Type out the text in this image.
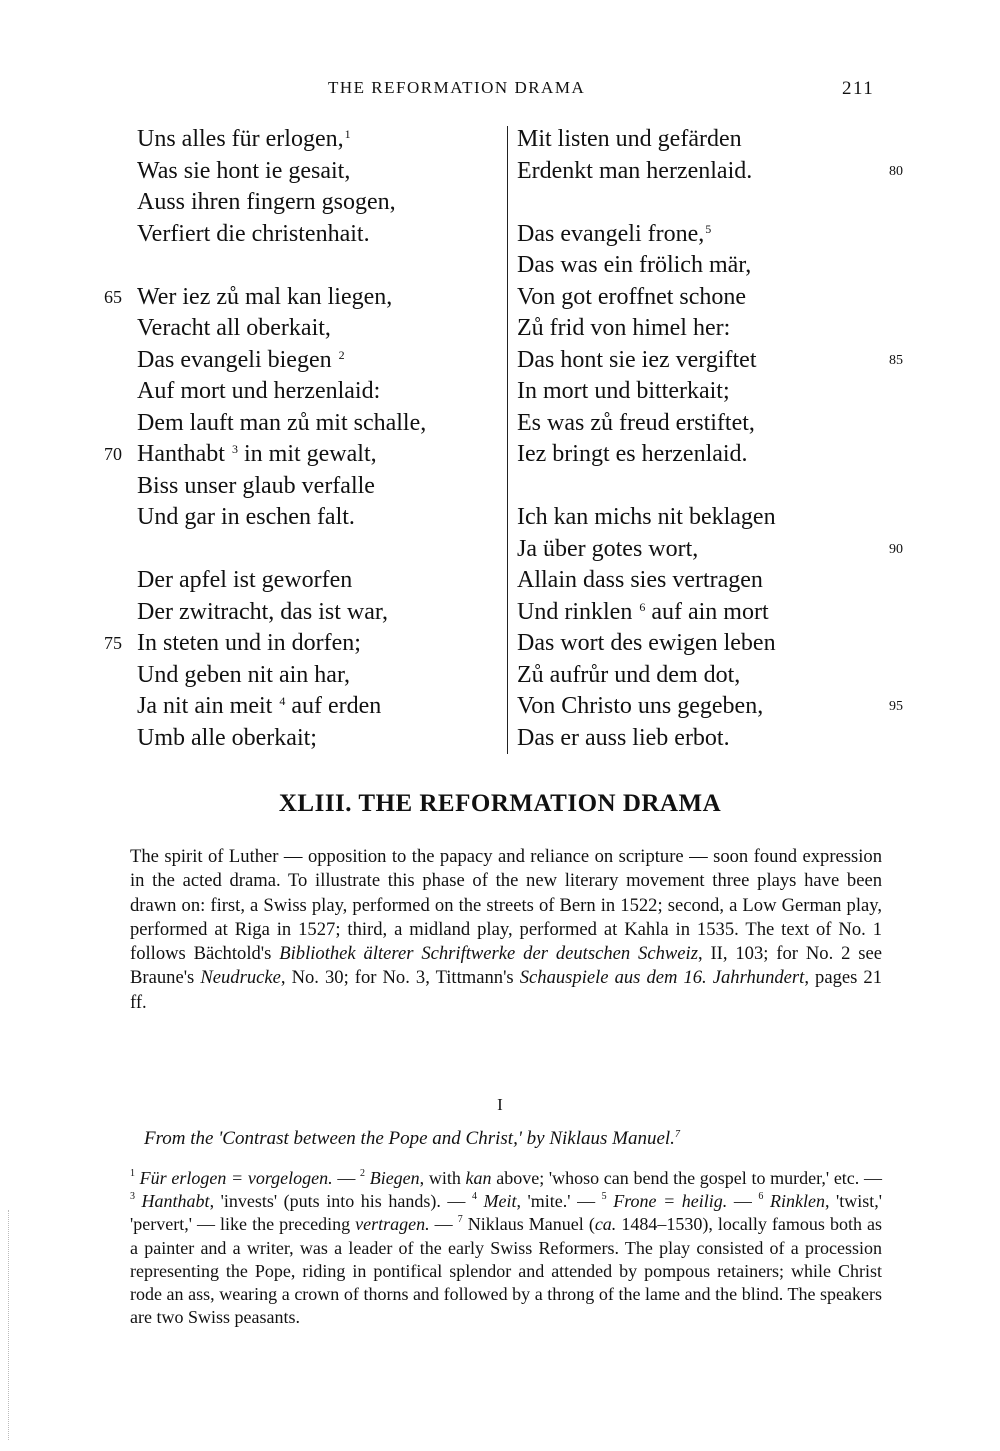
THE REFORMATION DRAMA	211
Uns alles für erlogen,$^1$
Was sie hont ie gesait,
Auss ihren fingern gsogen,
Verfiert die christenhait.
Wer iez zů mal kan liegen,
65
Veracht all oberkait,
Das evangeli biegen $^2$
Auf mort und herzenlaid:
Dem lauft man zů mit schalle,
Hanthabt $^3$ in mit gewalt,
70
Biss unser glaub verfalle
Und gar in eschen falt.
Der apfel ist geworfen
Der zwitracht, das ist war,
In steten und in dorfen;
75
Und geben nit ain har,
Ja nit ain meit $^4$ auf erden
Umb alle oberkait;
Mit listen und gefärden
Erdenkt man herzenlaid.	80
Das evangeli frone,$^5$
Das was ein frölich mär,
Von got eroffnet schone
Zů frid von himel her:
Das hont sie iez vergiftet	85
In mort und bitterkait;
Es was zů freud erstiftet,
Iez bringt es herzenlaid.
Ich kan michs nit beklagen
Ja über gotes wort,	90
Allain dass sies vertragen
Und rinklen $^6$ auf ain mort
Das wort des ewigen leben
Zů aufrůr und dem dot,
Von Christo uns gegeben,	95
Das er auss lieb erbot.
XLIII. THE REFORMATION DRAMA
The spirit of Luther — opposition to the papacy and reliance on scripture — soon found expression in the acted drama. To illustrate this phase of the new literary movement three plays have been drawn on: first, a Swiss play, performed on the streets of Bern in 1522; second, a Low German play, performed at Riga in 1527; third, a midland play, performed at Kahla in 1535. The text of No. 1 follows Bächtold's Bibliothek älterer Schriftwerke der deutschen Schweiz, II, 103; for No. 2 see Braune's Neudrucke, No. 30; for No. 3, Tittmann's Schauspiele aus dem 16. Jahrhundert, pages 21 ff.
I
From the 'Contrast between the Pope and Christ,' by Niklaus Manuel.$^7$
$^1$ Für erlogen = vorgelogen. — $^2$ Biegen, with kan above; 'whoso can bend the gospel to murder,' etc. — $^3$ Hanthabt, 'invests' (puts into his hands). — $^4$ Meit, 'mite.' — $^5$ Frone = heilig. — $^6$ Rinklen, 'twist,' 'pervert,' — like the preceding vertragen. — $^7$ Niklaus Manuel (ca. 1484–1530), locally famous both as a painter and a writer, was a leader of the early Swiss Reformers. The play consisted of a procession representing the Pope, riding in pontifical splendor and attended by pompous retainers; while Christ rode an ass, wearing a crown of thorns and followed by a throng of the lame and the blind. The speakers are two Swiss peasants.
